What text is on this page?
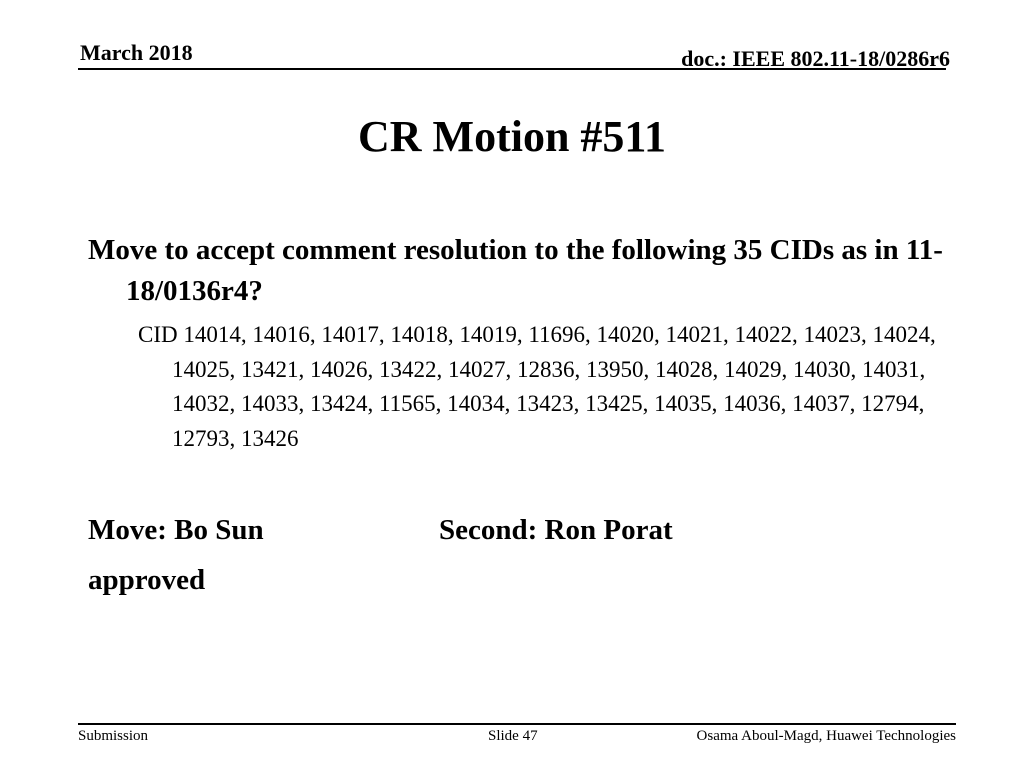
March 2018	doc.: IEEE 802.11-18/0286r6
CR Motion #511
Move to accept comment resolution to the following 35 CIDs as in 11-18/0136r4?
CID 14014, 14016, 14017, 14018, 14019, 11696, 14020, 14021, 14022, 14023, 14024, 14025, 13421, 14026, 13422, 14027, 12836, 13950, 14028, 14029, 14030, 14031, 14032, 14033, 13424, 11565, 14034, 13423, 13425, 14035, 14036, 14037, 12794, 12793, 13426
Move: Bo Sun	Second: Ron Porat
approved
Submission	Slide 47	Osama Aboul-Magd, Huawei Technologies
